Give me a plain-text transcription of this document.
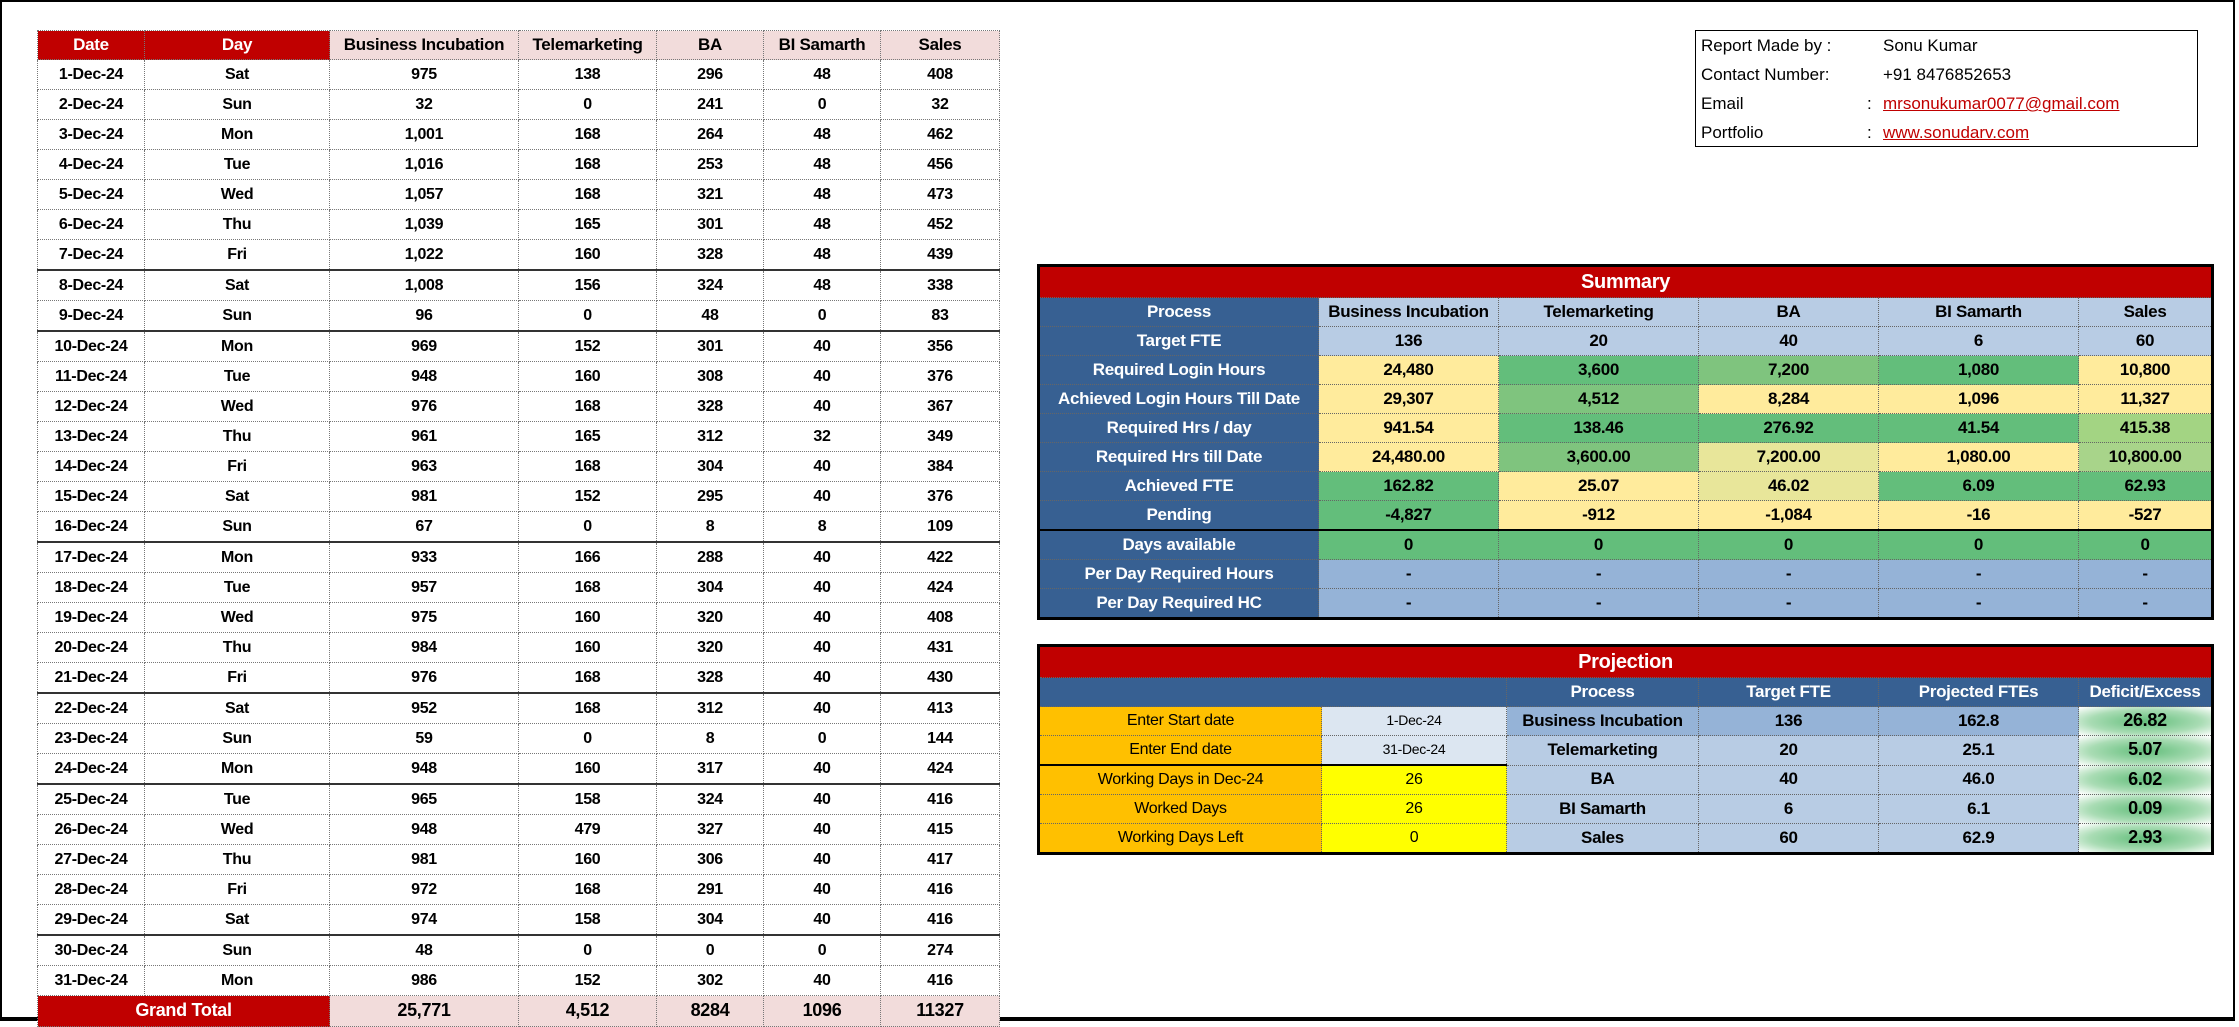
Date	Day	Business Incubation	Telemarketing	BA	BI Samarth	Sales
1-Dec-24	Sat	975	138	296	48	408
2-Dec-24	Sun	32	0	241	0	32
3-Dec-24	Mon	1,001	168	264	48	462
4-Dec-24	Tue	1,016	168	253	48	456
5-Dec-24	Wed	1,057	168	321	48	473
6-Dec-24	Thu	1,039	165	301	48	452
7-Dec-24	Fri	1,022	160	328	48	439
8-Dec-24	Sat	1,008	156	324	48	338
9-Dec-24	Sun	96	0	48	0	83
10-Dec-24	Mon	969	152	301	40	356
11-Dec-24	Tue	948	160	308	40	376
12-Dec-24	Wed	976	168	328	40	367
13-Dec-24	Thu	961	165	312	32	349
14-Dec-24	Fri	963	168	304	40	384
15-Dec-24	Sat	981	152	295	40	376
16-Dec-24	Sun	67	0	8	8	109
17-Dec-24	Mon	933	166	288	40	422
18-Dec-24	Tue	957	168	304	40	424
19-Dec-24	Wed	975	160	320	40	408
20-Dec-24	Thu	984	160	320	40	431
21-Dec-24	Fri	976	168	328	40	430
22-Dec-24	Sat	952	168	312	40	413
23-Dec-24	Sun	59	0	8	0	144
24-Dec-24	Mon	948	160	317	40	424
25-Dec-24	Tue	965	158	324	40	416
26-Dec-24	Wed	948	479	327	40	415
27-Dec-24	Thu	981	160	306	40	417
28-Dec-24	Fri	972	168	291	40	416
29-Dec-24	Sat	974	158	304	40	416
30-Dec-24	Sun	48	0	0	0	274
31-Dec-24	Mon	986	152	302	40	416
Grand Total		25,771	4,512	8284	1096	11327
Report Made by :	Sonu Kumar
Contact Number:	+91 8476852653
Email	: mrsonukumar0077@gmail.com
Portfolio	: www.sonudarv.com
Summary					
Process	Business Incubation	Telemarketing	BA	BI Samarth	Sales
Target FTE	136	20	40	6	60
Required Login Hours	24,480	3,600	7,200	1,080	10,800
Achieved Login Hours Till Date	29,307	4,512	8,284	1,096	11,327
Required Hrs / day	941.54	138.46	276.92	41.54	415.38
Required Hrs till Date	24,480.00	3,600.00	7,200.00	1,080.00	10,800.00
Achieved FTE	162.82	25.07	46.02	6.09	62.93
Pending	-4,827	-912	-1,084	-16	-527
Days available	0	0	0	0	0
Per Day Required Hours	-	-	-	-	-
Per Day Required HC	-	-	-	-	-
Projection					
		Process	Target FTE	Projected FTEs	Deficit/Excess
Enter Start date	1-Dec-24	Business Incubation	136	162.8	26.82
Enter End date	31-Dec-24	Telemarketing	20	25.1	5.07
Working Days in Dec-24	26	BA	40	46.0	6.02
Worked Days	26	BI Samarth	6	6.1	0.09
Working Days Left	0	Sales	60	62.9	2.93
